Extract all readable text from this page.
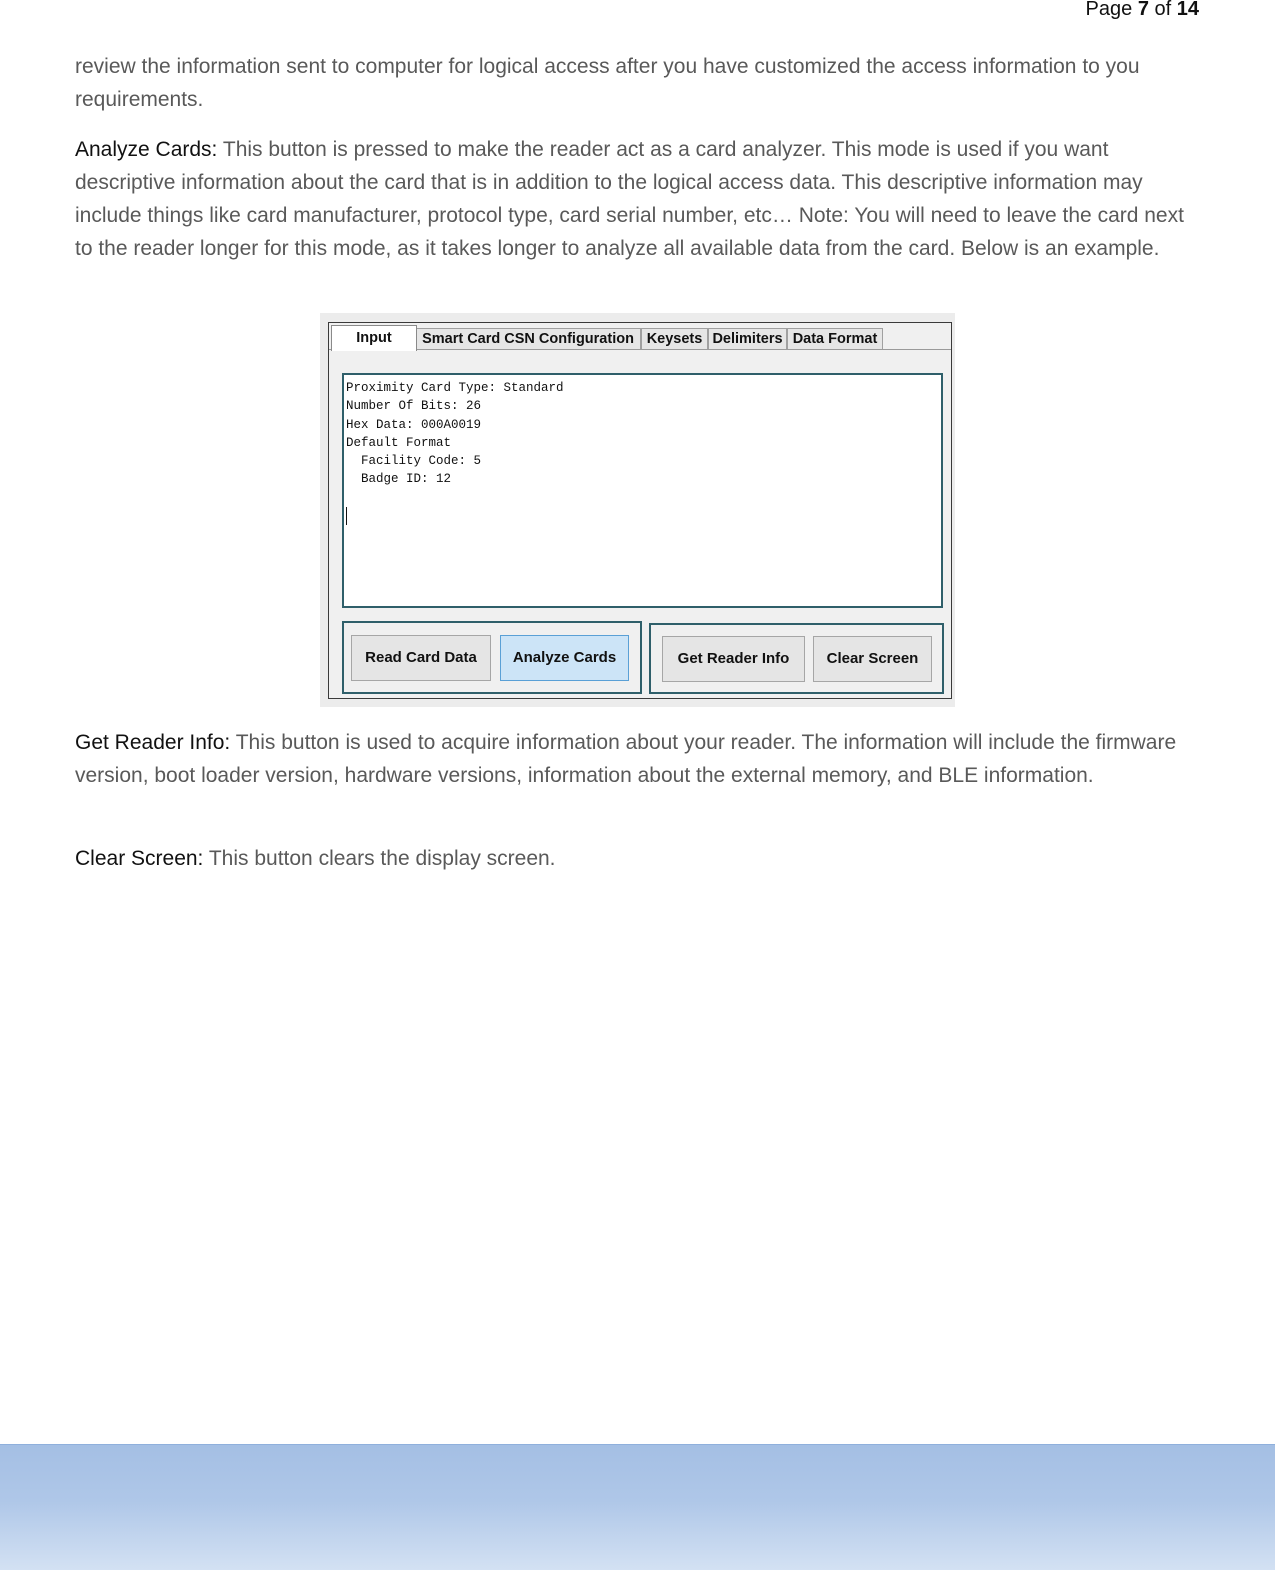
Page 7 of 14

review the information sent to computer for logical access after you have customized the access information to you requirements.

Analyze Cards: This button is pressed to make the reader act as a card analyzer. This mode is used if you want descriptive information about the card that is in addition to the logical access data. This descriptive information may include things like card manufacturer, protocol type, card serial number, etc… Note: You will need to leave the card next to the reader longer for this mode, as it takes longer to analyze all available data from the card. Below is an example.

Input	Smart Card CSN Configuration Keysets Delimiters Data Format
Proximity Card Type: Standard
Number Of Bits: 26
Hex Data: 000A0019
Default Format
Facility Code: 5
Badge ID: 12
Read Card Data	Analyze Cards	Get Reader Info	Clear Screen

Get Reader Info: This button is used to acquire information about your reader. The information will include the firmware version, boot loader version, hardware versions, information about the external memory, and BLE information.

Clear Screen: This button clears the display screen.
